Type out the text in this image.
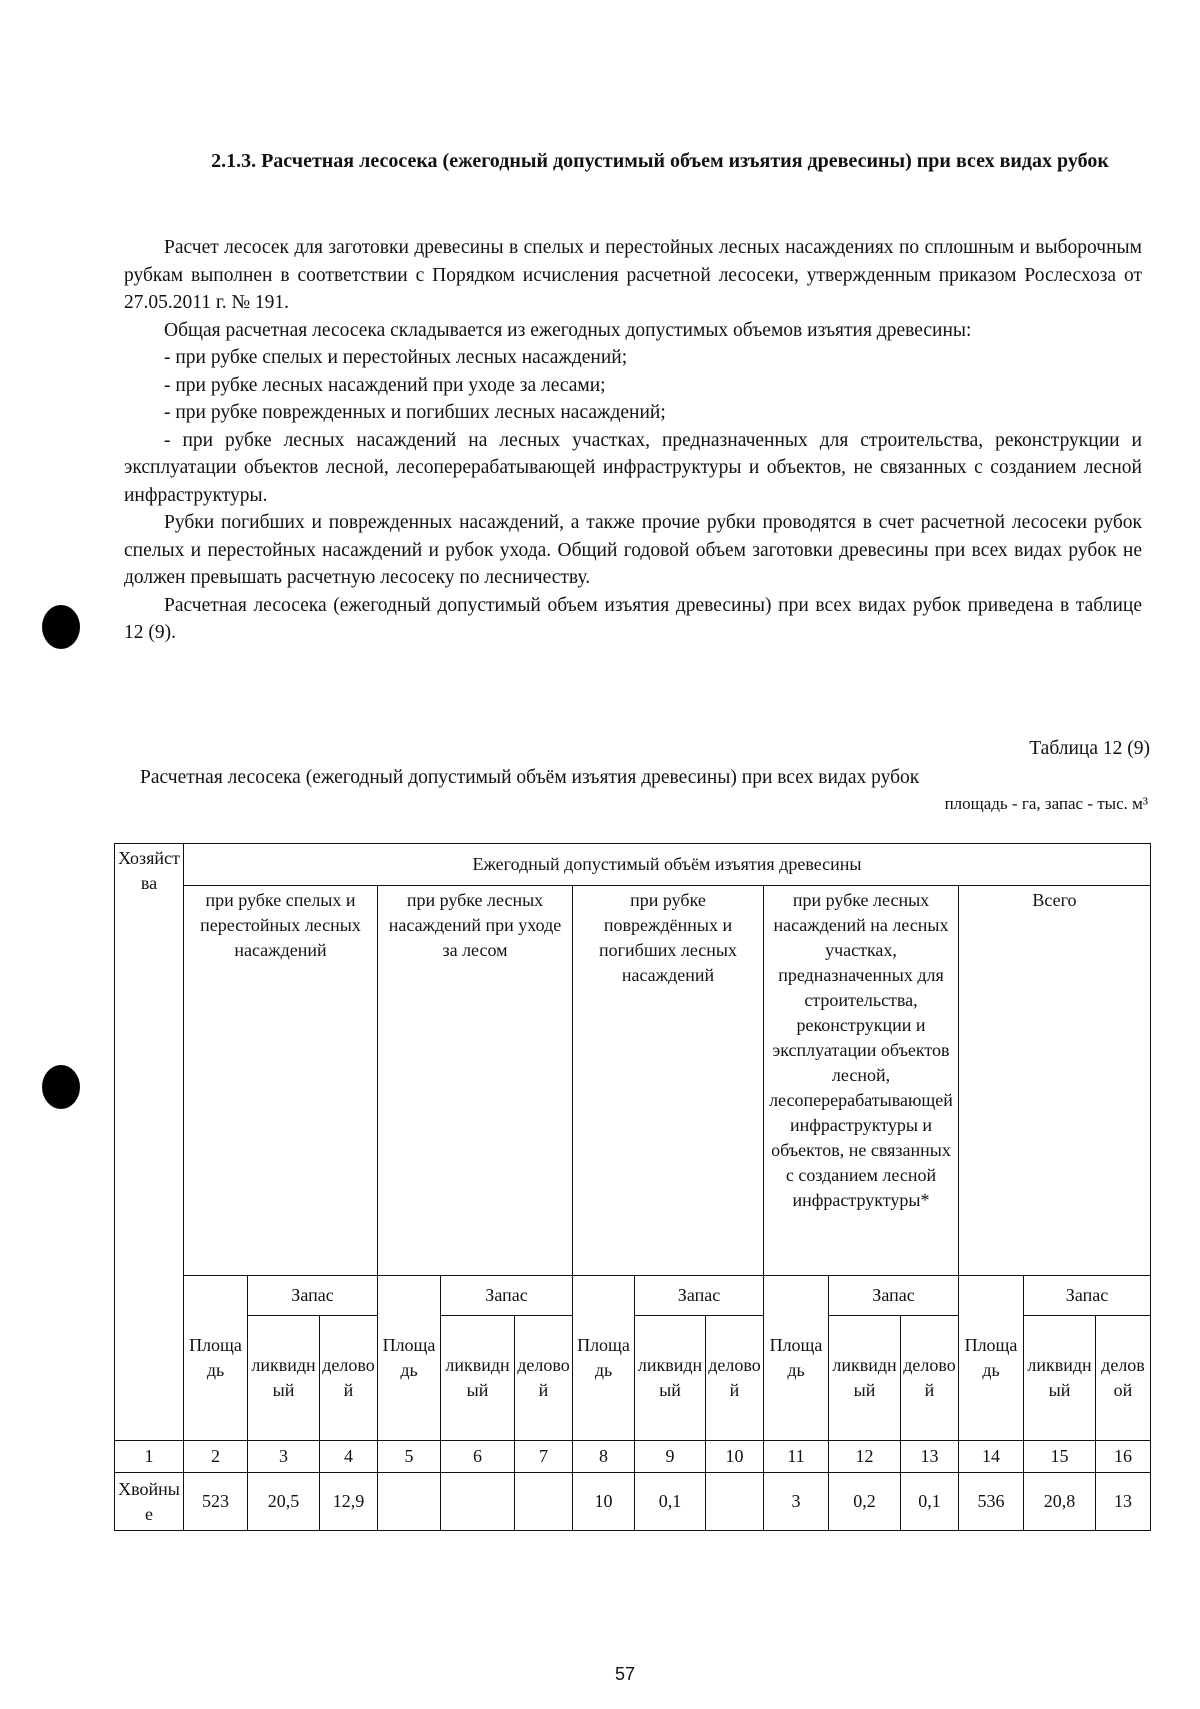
2.1.3. Расчетная лесосека (ежегодный допустимый объем изъятия древесины) при всех видах рубок

Расчет лесосек для заготовки древесины в спелых и перестойных лесных насаждениях по сплошным и выборочным рубкам выполнен в соответствии с Порядком исчисления расчетной лесосеки, утвержденным приказом Рослесхоза от 27.05.2011 г. № 191.

Общая расчетная лесосека складывается из ежегодных допустимых объемов изъятия древесины:

- при рубке спелых и перестойных лесных насаждений;

- при рубке лесных насаждений при уходе за лесами;

- при рубке поврежденных и погибших лесных насаждений;

- при рубке лесных насаждений на лесных участках, предназначенных для строительства, реконструкции и эксплуатации объектов лесной, лесоперерабатывающей инфраструктуры и объектов, не связанных с созданием лесной инфраструктуры.

Рубки погибших и поврежденных насаждений, а также прочие рубки проводятся в счет расчетной лесосеки рубок спелых и перестойных насаждений и рубок ухода. Общий годовой объем заготовки древесины при всех видах рубок не должен превышать расчетную лесосеку по лесничеству.

Расчетная лесосека (ежегодный допустимый объем изъятия древесины) при всех видах рубок приведена в таблице 12 (9).

Таблица 12 (9)
Расчетная лесосека (ежегодный допустимый объём изъятия древесины) при всех видах рубок
площадь - га, запас - тыс. м³
Хозяйства	Ежегодный допустимый объём изъятия древесины														
	при рубке спелых и перестойных лесных насаждений			при рубке лесных насаждений при уходе за лесом			при рубке повреждённых и погибших лесных насаждений			при рубке лесных насаждений на лесных участках, предназначенных для строительства, реконструкции и эксплуатации объектов лесной, лесоперерабатывающей инфраструктуры и объектов, не связанных с созданием лесной инфраструктуры*			Всего		
	Площадь	Запас		Площадь	Запас		Площадь	Запас		Площадь	Запас		Площадь	Запас	
		ликвидный	деловой		ликвидный	деловой		ликвидный	деловой		ликвидный	деловой		ликвидный	деловой
1	2	3	4	5	6	7	8	9	10	11	12	13	14	15	16
Хвойные	523	20,5	12,9				10	0,1		3	0,2	0,1	536	20,8	13
57
